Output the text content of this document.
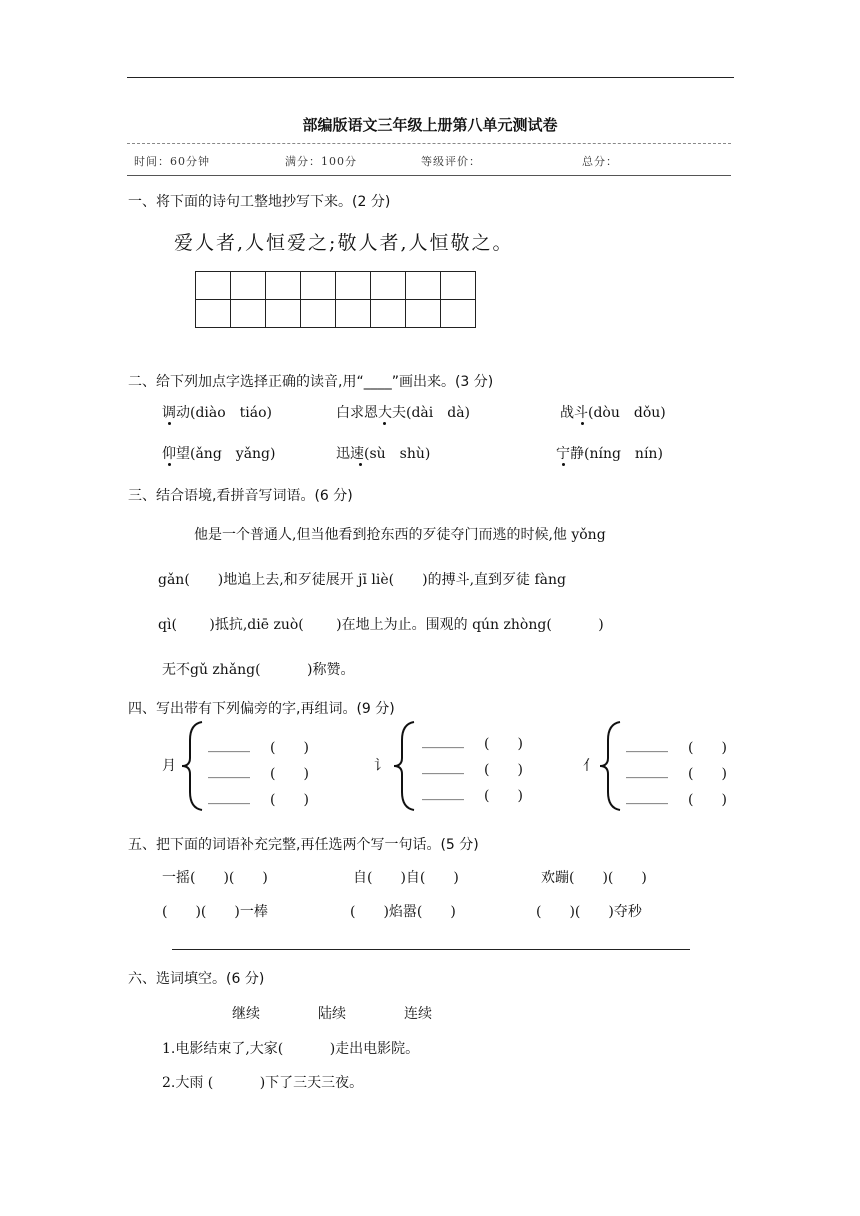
部编版语文三年级上册第八单元测试卷
时间：60分钟	满分：100分	等级评价：	总分：
一、将下面的诗句工整地抄写下来。(2 分)
爱人者,人恒爱之;敬人者,人恒敬之。

二、给下列加点字选择正确的读音,用“____”画出来。(3 分)
调动(diào　tiáo)	白求恩大夫(dài　dà)	战斗(dòu　dǒu)
仰望(ǎng　yǎng)	迅速(sù　shù)	宁静(níng　nín)
三、结合语境,看拼音写词语。(6 分)
他是一个普通人,但当他看到抢东西的歹徒夺门而逃的时候,他 yǒng
gǎn(　　)地追上去,和歹徒展开 jī liè(　　)的搏斗,直到歹徒 fàng
qì(　　 )抵抗,diē zuò(　　 )在地上为止。围观的 qún zhòng(　　　 )
无不gǔ zhǎng(　　　 )称赞。
四、写出带有下列偏旁的字,再组词。(9 分)
月
______ (　　)
______ (　　)
______ (　　)
讠
______ (　　)
______ (　　)
______ (　　)
亻
______ (　　)
______ (　　)
______ (　　)
五、把下面的词语补充完整,再任选两个写一句话。(5 分)
一摇(　　)(　　)	自(　　)自(　　)	欢蹦(　　)(　　)
(　　)(　　)一棒	(　　)焰嚣(　　)	(　　)(　　)夺秒
六、选词填空。(6 分)
继续	陆续	连续
1.电影结束了,大家(　　　 )走出电影院。
2.大雨 (　　　 )下了三天三夜。
